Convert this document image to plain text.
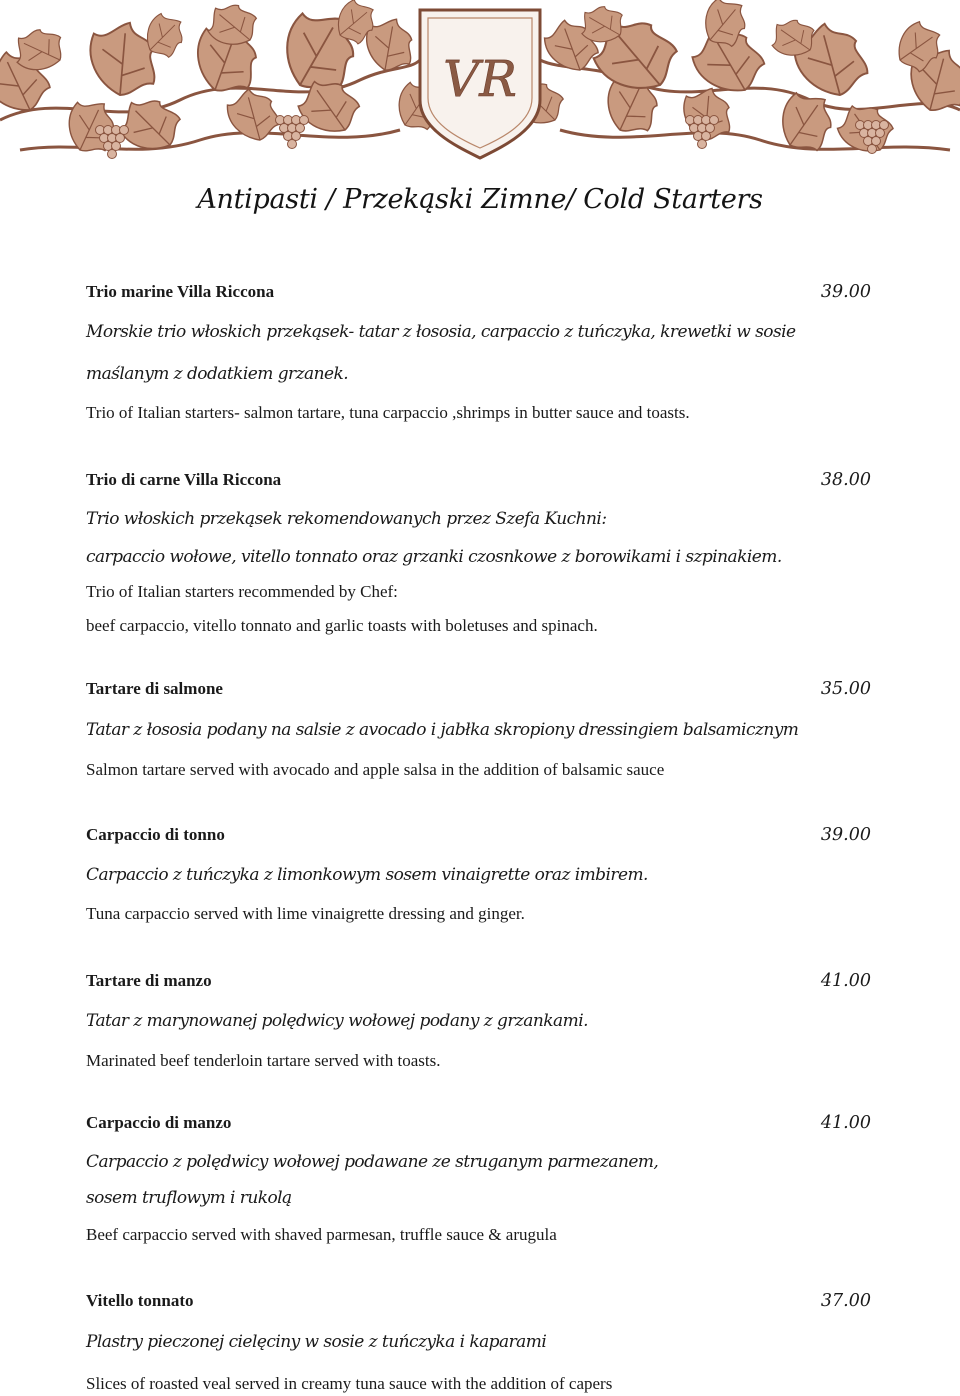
VR
Antipasti / Przekąski Zimne/ Cold Starters
Trio marine Villa Riccona	39.00
Morskie trio włoskich przekąsek- tatar z łososia, carpaccio z tuńczyka, krewetki w sosie
maślanym z dodatkiem grzanek.
Trio of Italian starters- salmon tartare, tuna carpaccio ,shrimps in butter sauce and toasts.
Trio di carne Villa Riccona	38.00
Trio włoskich przekąsek rekomendowanych przez Szefa Kuchni:
carpaccio wołowe, vitello tonnato oraz grzanki czosnkowe z borowikami i szpinakiem.
Trio of Italian starters recommended by Chef:
beef carpaccio, vitello tonnato and garlic toasts with boletuses and spinach.
Tartare di salmone	35.00
Tatar z łososia podany na salsie z avocado i jabłka skropiony dressingiem balsamicznym
Salmon tartare served with avocado and apple salsa in the addition of balsamic sauce
Carpaccio di tonno	39.00
Carpaccio z tuńczyka z limonkowym sosem vinaigrette oraz imbirem.
Tuna carpaccio served with lime vinaigrette dressing and ginger.
Tartare di manzo	41.00
Tatar z marynowanej polędwicy wołowej podany z grzankami.
Marinated beef tenderloin tartare served with toasts.
Carpaccio di manzo	41.00
Carpaccio z polędwicy wołowej podawane ze struganym parmezanem,
sosem truflowym i rukolą
Beef carpaccio served with shaved parmesan, truffle sauce & arugula
Vitello tonnato	37.00
Plastry pieczonej cielęciny w sosie z tuńczyka i kaparami
Slices of roasted veal served in creamy tuna sauce with the addition of capers
